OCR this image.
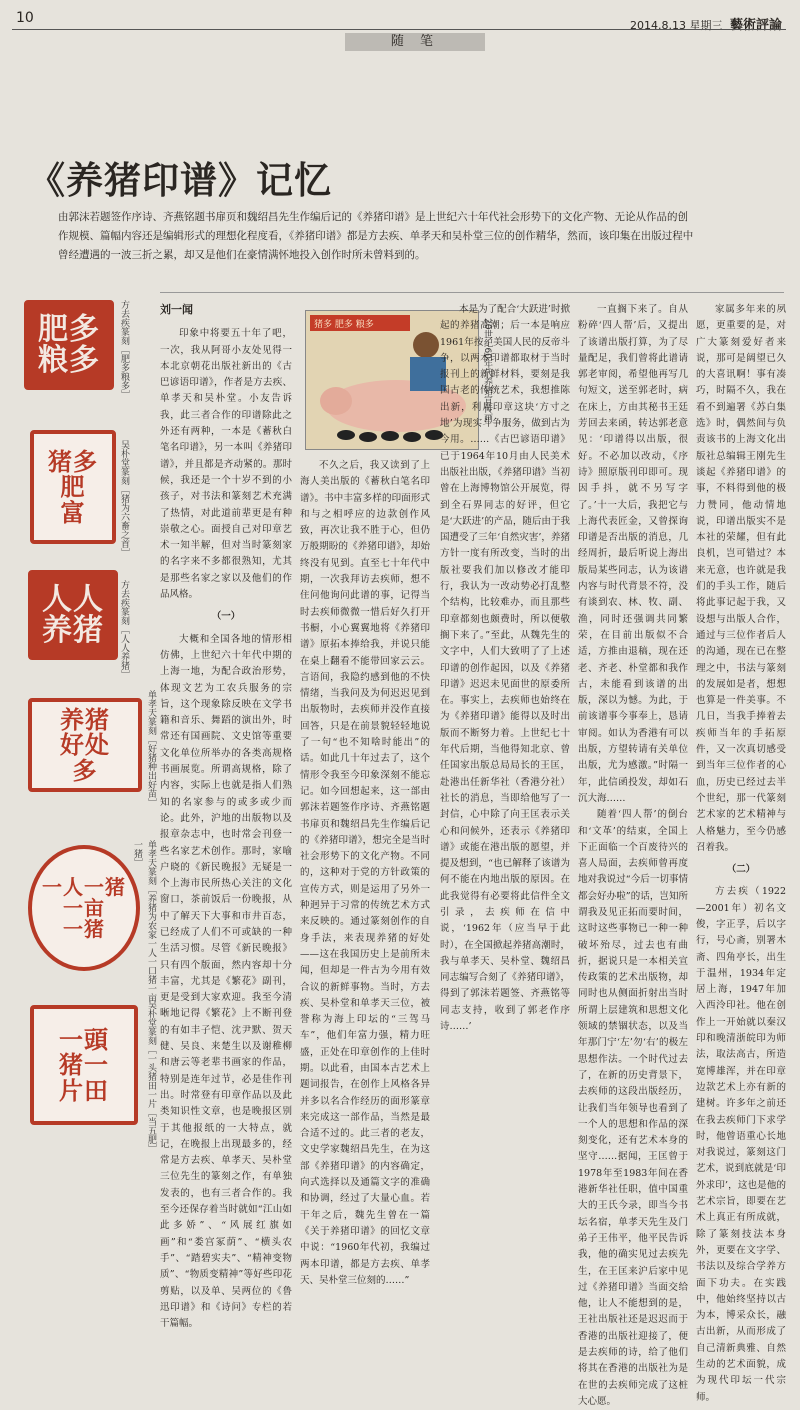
10	2014.8.13 星期三 藝術評論
随 笔
《养猪印谱》记忆
由郭沫若题签作序诗、齐燕铭题书扉页和魏绍昌先生作编后记的《养猪印谱》是上世纪六十年代社会形势下的文化产物、无论从作品的创作规模、篇幅内容还是编辑形式的理想化程度看，《养猪印谱》都是方去疾、单孝天和吴朴堂三位的创作精华，然而，该印集在出版过程中曾经遭遇的一波三折之累，却又是他们在豪情满怀地投入创作时所未曾料到的。
肥多
粮多 方去疾篆刻［肥多粮多］
猪多
肥
富	吴朴堂篆刻［猪为六畜之首］
人人
养猪 方去疾篆刻［人人养猪］
养猪
好处
多	单孝天篆刻［好猪种出好苗］
一人一猪
一亩
一猪	单孝天篆刻［养猪为农家一人一口猪一亩一猪］
一頭
猪一
片田	吴朴堂篆刻［一头猪田一片［当五肥］
刘一闻

印象中将要五十年了吧，一次，我从阿哥小友处见得一本北京朝花出版社新出的《古巴谚语印谱》，作者是方去疾、单孝天和吴朴堂。小友告诉我，此三者合作的印谱除此之外还有两种，一本是《蓄秋白笔名印谱》，另一本叫《养猪印谱》，并且都是齐动紧的。那时候，我还是一个十岁不到的小孩子，对书法和篆刻艺术充满了热情，对此道前辈更是有种崇敬之心。面授自己对印章艺术一知半解，但对当时篆刻家的名字来不多都很熟知，尤其是那些名家之家以及他们的作品风格。

（一）

大概和全国各地的情形相仿佛，上世纪六十年代中期的上海一地，为配合政治形势，体现文艺为工农兵服务的宗旨，这个现象除反映在文学书籍和音乐、舞蹈的演出外，时常还有国画院、文史馆等重要文化单位所举办的各类高规格书画展览。所谓高规格，除了内容，实际上也就是指人们熟知的名家参与的或多或少而论。此外，沪地的出版物以及报章杂志中，也时常会刊登一些名家艺术创作。那时，家喻户晓的《新民晚报》无疑是一个上海市民所热心关注的文化窗口，茶前饭后一份晚报，从中了解天下大事和市井百态，已经成了人们不可或缺的一种生活习惯。尽管《新民晚报》只有四个版面，然内容却十分丰富，尤其是《繁花》副刊，更是受到大家欢迎。我至今清晰地记得《繁花》上不断刊登的有如丰子恺、沈尹默、贺天健、吴良、来楚生以及谢稚柳和唐云等老辈书画家的作品，特别是连年过节，必是佳作刊出。时常登有印章作品以及此类知识性文章，也是晚报区别于其他报纸的一大特点，就记，在晚报上出现最多的，经常是方去疾、单孝天、吴朴堂三位先生的篆刻之作，有单独发表的，也有三者合作的。我至今还保存着当时就如“江山如此多娇”、“风展红旗如画”和“娄宫冢荫”、“横头农手”、“踏碧实夫”、“精神变物质”、“物质变精神”等好些印花剪贴，以及单、吴两位的《鲁迅印谱》和《诗问》专栏的若干篇幅。

猪多 肥多 粮多	20世纪60年代养猪宣传画

不久之后，我又读到了上海人美出版的《蓄秋白笔名印谱》。书中丰富多样的印面形式和与之相呼应的边款创作风致，再次让我不胜于心，但仍万般期盼的《养猪印谱》，却始终没有见到。直至七十年代中期，一次我拜访去疾师，想不住问他询问此谱的事，记得当时去疾师微微一惜后好久打开书橱，小心翼翼地将《养猪印谱》原拓本捧给我，并说只能在桌上翻看不能带回家云云。言语间，我隐约感到他的不快情绪，当我问及为何迟迟见到出版物时，去疾师并没作直接回答，只是在前景貌轻轻地说了一句“也不知啥时能出”的话。如此几十年过去了，这个情形令我至今印象深刻不能忘记。如今回想起来，这一部由郭沫若题签作序诗、齐燕铭题书扉页和魏绍昌先生作编后记的《养猪印谱》，想完全是当时社会形势下的文化产物。不同的，这种对于党的方针政策的宣传方式，则是运用了另外一种迥异于习常的传统艺术方式来反映的。通过篆刻创作的自身手法，来表现养猪的好处——这在我国历史上是前所未闻，但却是一件古为今用有效合议的新鲜事物。当时，方去疾、吴朴堂和单孝天三位，被誉称为海上印坛的“三驾马车”，他们年富力强，精力旺盛，正处在印章创作的上佳时期。以此看，由国本古艺术上题词报告，在创作上风格各异并多以名合作经历的面形篆章来完成这一部作品，当然是最合适不过的。此三者的老友，文史学家魏绍昌先生，在为这部《养猪印谱》的内容确定，向式选择以及通篇文字的准确和协调，经过了大量心血。若干年之后，魏先生曾在一篇《关于养猪印谱》的回忆文章中说：“1960年代初，我编过两本印谱，都是方去疾、单孝天、吴朴堂三位刻的……”

本是为了配合‘大跃进’时掀起的养猪高潮；后一本是响应1961年按了美国人民的反帝斗争，以两本印谱都取材于当时报刊上的新鲜材料，要刻是我国古老的传统艺术，我想推陈出新，利用印章这块‘方寸之地’为现实斗争服务，做到古为今用。……《古巴谚语印谱》已于1964年10月由人民美术出版社出版，《养猪印谱》当初曾在上海博物馆公开展览，得到全石界同志的好评，但它是‘大跃进’的产品，随后由于我国遭受了三年‘自然灾害’，养猪方针一度有所改变，当时的出版社要我们加以修改才能印行，我认为一改动势必打乱整个结构，比较难办，而且那些印章都刻也颇费时，所以便敬搁下来了。”至此，从魏先生的文字中，人们大致明了了上述印谱的创作起因，以及《养猪印谱》迟迟未见面世的原委所在。事实上，去疾师也始终在为《养猪印谱》能得以及时出版而不断努力着。上世纪七十年代后期，当他得知北京、曾任国家出版总局局长的王匡，赴港出任新华社（香港分社）社长的消息，当即给他写了一封信，心中除了向王匡表示关心和问候外，还表示《养猪印谱》或能在港出版的愿望，并提及想到，“也已解释了该谱为何不能在内地出版的原因。在此我觉得有必要将此信件全文引录，去疾师在信中说，‘1962年（应当早于此时），在全国掀起养猪高潮时，我与单孝天、吴朴堂、魏绍昌同志编写合刻了《养猪印谱》，得到了郭沫若题签、齐燕铭等同志支持，收到了郭老作序诗……’

一直搁下来了。自从粉碎‘四人帮’后，又提出了该谱出版打算，为了尽量配足，我们曾将此谱请郭老审阅，希望他再写几句短文，送至郭老时，病在床上，方由其秘书王廷芳回去来函，转达郭老意见：‘印谱得以出版，很好。不必加以改动，《序诗》照原版刊印即可。现因手抖，就不另写字了。’十一大后，我把它与上海代表匠金，又曾探询印谱是否出版的消息，几经周折，最后听说上海出版局某些同志，认为该谱内容与时代背景不符，没有谈到农、林、牧、副、渔，同时还强调共同繁荣，在目前出版似不合适，方推由退稿，现在还老、齐老、朴堂都和我作古，未能看到该谱的出版，深以为憾。为此，于前该谱事今事奉上，恳请审阅。如认为香港有可以出版，方望转请有关单位出版，尤为感激。”时隔一年，此信函投发，却如石沉大海……

随着‘四人帮’的倒台和‘文革’的结束，全国上下正面临一个百废待兴的喜人局面，去疾师曾再度地对我说过“今后一切事情都会好办啦”的话，岂知所谓我及见正拓而要时间，这时这些事物已一种一种破坏殆尽，过去也有曲折，据说只是一本相关宣传政策的艺术出版物，却同时也从侧面折射出当时所谓上层建筑和思想文化领域的禁锢状态，以及当年那门宁‘左’勿‘右’的极左思想作法。一个时代过去了，在新的历史背景下，去疾师的这段出版经历，让我们当年领导也看到了一个人的思想和作品的深刻变化，还有艺术本身的坚守……据闻，王匡曾于1978年至1983年间在香港新华社任职，值中国重大的王氏今录，即当今书坛名宿，单孝天先生及门弟子王伟平，他平民告诉我，他的确实见过去疾先生，在王匡来沪后家中见过《养猪印谱》当面交给他，让人不能想到的是，王社出版社还是迟迟而于香港的出版社迎接了，便是去疾师的诗，给了他们将其在香港的出版社为是在世的去疾师完成了这桩大心愿。

家属多年来的夙愿，更重要的是，对广大篆刻爱好者来说，那可是阔望已久的大喜讯啊！事有凑巧，时隔不久，我在看不到遍署《苏白集选》时，偶然间与负责该书的上海文化出版社总编辑王刚先生谈起《养猪印谱》的事，不料得到他的极力赞同，他动情地说，印谱出版实不是本社的荣耀，但有此良机，岂可错过？本来无意，也许就是我们的手头工作，随后将此事记起于我，又设想与出版人合作，通过与三位作者后人的沟通，现在已在整理之中，书法与篆刻的发展如是者，想想也算是一件美事。不几日，当我手捧着去疾师当年的手拓原件，又一次真切感受到当年三位作者的心血，历史已经过去半个世纪，那一代篆刻艺术家的艺术精神与人格魅力，至今仍感召着我。

（二）

方去疾（1922—2001年）初名文俊，字正孚，后以字行，号心斋，别署木斋、四角亭长，出生于温州，1934年定居上海，1947年加入西泠印社。他在创作上一开始就以秦汉印和晚清浙皖印为师法，取法高古，所造宽博雄浑，并在印章边款艺术上亦有新的建树。许多年之前还在我去疾师门下求学时，他曾语重心长地对我说过，篆刻这门艺术，说到底就是‘印外求印’，这也是他的艺术宗旨，即要在艺术上真正有所成就，除了篆刻技法本身外，更要在文字学、书法以及综合学养方面下功夫。在实践中，他始终坚持以古为本，博采众长，融古出新，从而形成了自己清新典雅、自然生动的艺术面貌，成为现代印坛一代宗师。
